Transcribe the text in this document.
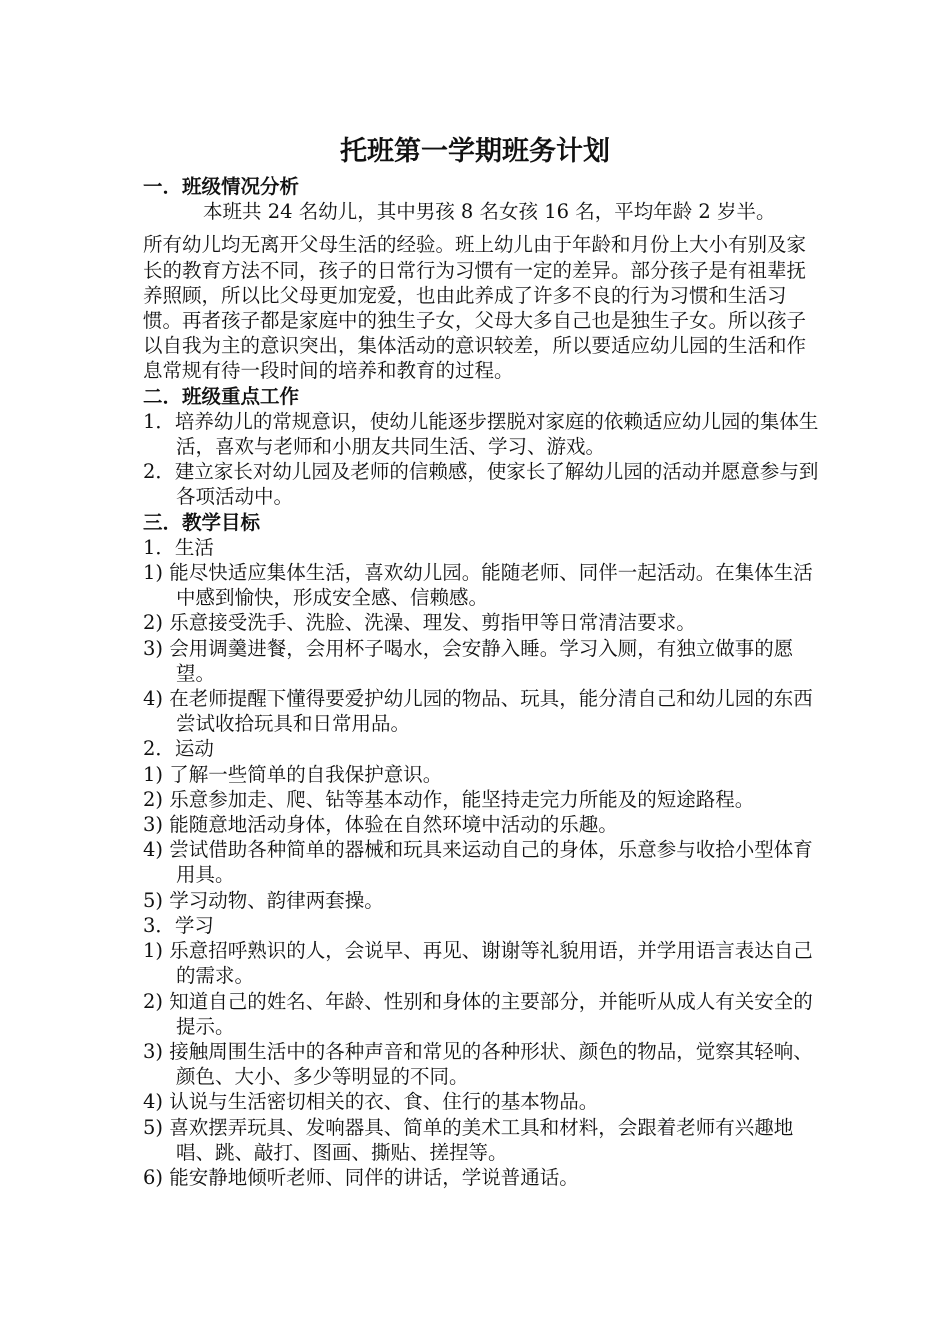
托班第一学期班务计划
一．班级情况分析
本班共 24 名幼儿，其中男孩 8 名女孩 16 名，平均年龄 2 岁半。
所有幼儿均无离开父母生活的经验。班上幼儿由于年龄和月份上大小有别及家长的教育方法不同，孩子的日常行为习惯有一定的差异。部分孩子是有祖辈抚养照顾，所以比父母更加宠爱，也由此养成了许多不良的行为习惯和生活习惯。再者孩子都是家庭中的独生子女，父母大多自己也是独生子女。所以孩子以自我为主的意识突出，集体活动的意识较差，所以要适应幼儿园的生活和作息常规有待一段时间的培养和教育的过程。
二．班级重点工作
1．培养幼儿的常规意识，使幼儿能逐步摆脱对家庭的依赖适应幼儿园的集体生活，喜欢与老师和小朋友共同生活、学习、游戏。
2．建立家长对幼儿园及老师的信赖感，使家长了解幼儿园的活动并愿意参与到各项活动中。
三．教学目标
1．生活
1) 能尽快适应集体生活，喜欢幼儿园。能随老师、同伴一起活动。在集体生活中感到愉快，形成安全感、信赖感。
2) 乐意接受洗手、洗脸、洗澡、理发、剪指甲等日常清洁要求。
3) 会用调羹进餐，会用杯子喝水，会安静入睡。学习入厕，有独立做事的愿望。
4) 在老师提醒下懂得要爱护幼儿园的物品、玩具，能分清自己和幼儿园的东西尝试收拾玩具和日常用品。
2．运动
1) 了解一些简单的自我保护意识。
2) 乐意参加走、爬、钻等基本动作，能坚持走完力所能及的短途路程。
3) 能随意地活动身体，体验在自然环境中活动的乐趣。
4) 尝试借助各种简单的器械和玩具来运动自己的身体，乐意参与收拾小型体育用具。
5) 学习动物、韵律两套操。
3．学习
1) 乐意招呼熟识的人，会说早、再见、谢谢等礼貌用语，并学用语言表达自己的需求。
2) 知道自己的姓名、年龄、性别和身体的主要部分，并能听从成人有关安全的提示。
3) 接触周围生活中的各种声音和常见的各种形状、颜色的物品，觉察其轻响、颜色、大小、多少等明显的不同。
4) 认说与生活密切相关的衣、食、住行的基本物品。
5) 喜欢摆弄玩具、发响器具、简单的美术工具和材料，会跟着老师有兴趣地唱、跳、敲打、图画、撕贴、搓捏等。
6) 能安静地倾听老师、同伴的讲话，学说普通话。
